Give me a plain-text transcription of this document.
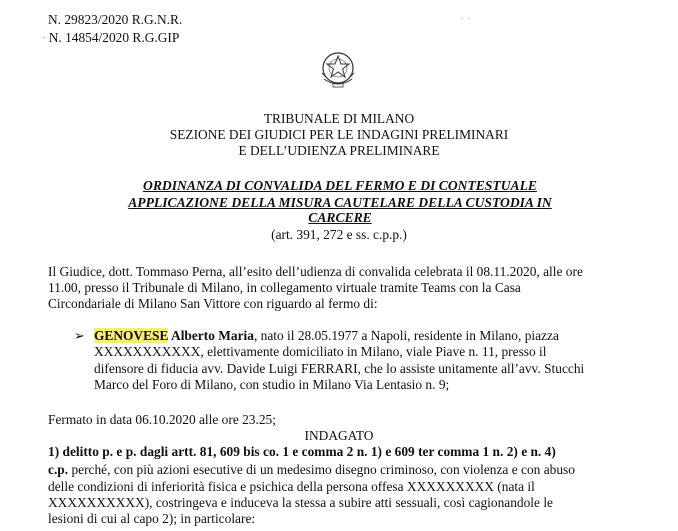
N. 29823/2020 R.G.N.R.
∙ N. 14854/2020 R.G.GIP
‧ ‧
TRIBUNALE DI MILANO
SEZIONE DEI GIUDICI PER LE INDAGINI PRELIMINARI
E DELL’UDIENZA PRELIMINARE
ORDINANZA DI CONVALIDA DEL FERMO E DI CONTESTUALE
APPLICAZIONE DELLA MISURA CAUTELARE DELLA CUSTODIA IN
CARCERE
(art. 391, 272 e ss. c.p.p.)
Il Giudice, dott. Tommaso Perna, all’esito dell’udienza di convalida celebrata il 08.11.2020, alle ore
11.00, presso il Tribunale di Milano, in collegamento virtuale tramite Teams con la Casa
Circondariale di Milano San Vittore con riguardo al fermo di:
➢ GENOVESE Alberto Maria, nato il 28.05.1977 a Napoli, residente in Milano, piazza
XXXXXXXXXXX, elettivamente domiciliato in Milano, viale Piave n. 11, presso il
difensore di fiducia avv. Davide Luigi FERRARI, che lo assiste unitamente all’avv. Stucchi
Marco del Foro di Milano, con studio in Milano Via Lentasio n. 9;
Fermato in data 06.10.2020 alle ore 23.25;
INDAGATO
1) delitto p. e p. dagli artt. 81, 609 bis co. 1 e comma 2 n. 1) e 609 ter comma 1 n. 2) e n. 4)
c.p. perché, con più azioni esecutive di un medesimo disegno criminoso, con violenza e con abuso
delle condizioni di inferiorità fisica e psichica della persona offesa XXXXXXXXX (nata il
XXXXXXXXXX), costringeva e induceva la stessa a subire atti sessuali, così cagionandole le
lesioni di cui al capo 2); in particolare:
